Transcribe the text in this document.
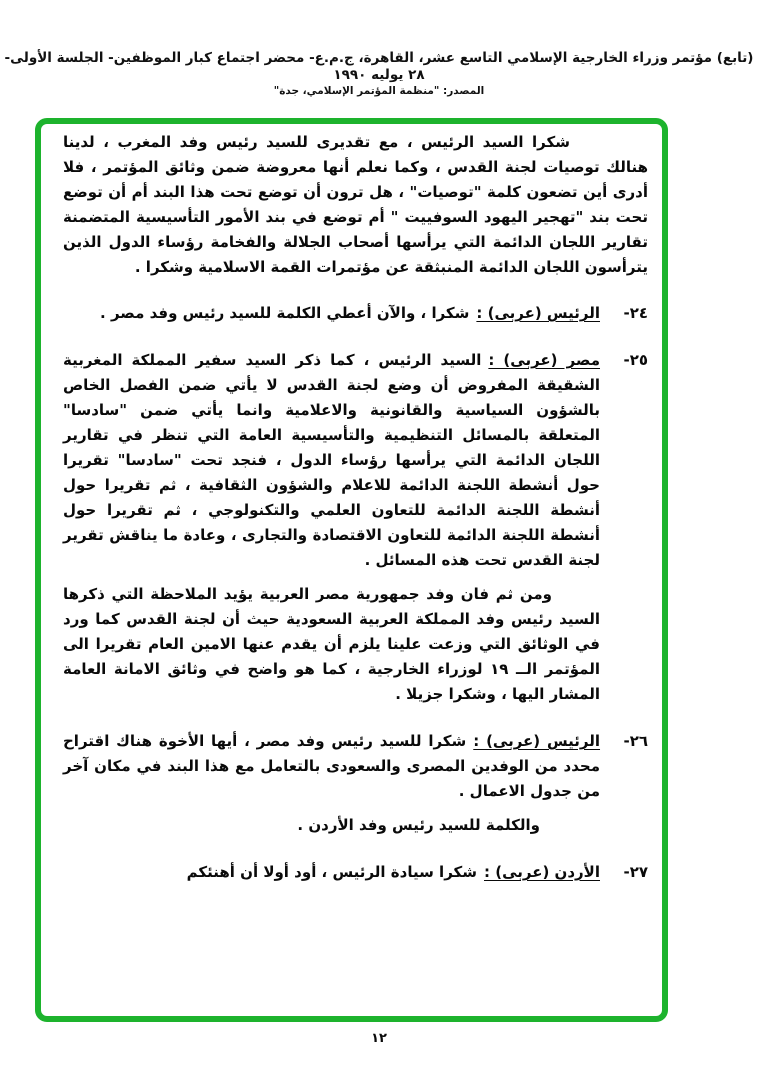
(تابع) مؤتمر وزراء الخارجية الإسلامي التاسع عشر، القاهرة، ج.م.ع- محضر اجتماع كبار الموظفين- الجلسة الأولى- ٢٨ يوليه ١٩٩٠
المصدر: "منظمة المؤتمر الإسلامي، جدة"

شكرا السيد الرئيس ، مع تقديرى للسيد رئيس وفد المغرب ، لدينا هنالك توصيات لجنة القدس ، وكما نعلم أنها معروضة ضمن وثائق المؤتمر ، فلا أدرى أين تضعون كلمة "توصيات" ، هل ترون أن توضع تحت هذا البند أم أن توضع تحت بند "تهجير اليهود السوفييت " أم توضع في بند الأمور التأسيسية المتضمنة تقارير اللجان الدائمة التي يرأسها أصحاب الجلالة والفخامة رؤساء الدول الذين يترأسون اللجان الدائمة المنبثقة عن مؤتمرات القمة الاسلامية وشكرا .

٢٤-

الرئيس (عربى) :شكرا ، والآن أعطي الكلمة للسيد رئيس وفد مصر .

٢٥-

مصر (عربى) :السيد الرئيس ، كما ذكر السيد سفير المملكة المغربية الشقيقة المفروض أن وضع لجنة القدس لا يأتي ضمن الفصل الخاص بالشؤون السياسية والقانونية والاعلامية وانما يأتي ضمن "سادسا" المتعلقة بالمسائل التنظيمية والتأسيسية العامة التي تنظر في تقارير اللجان الدائمة التي يرأسها رؤساء الدول ، فنجد تحت "سادسا" تقريرا حول أنشطة اللجنة الدائمة للاعلام والشؤون الثقافية ، ثم تقريرا حول أنشطة اللجنة الدائمة للتعاون العلمي والتكنولوجي ، ثم تقريرا حول أنشطة اللجنة الدائمة للتعاون الاقتصادة والتجارى ، وعادة ما يناقش تقرير لجنة القدس تحت هذه المسائل .

ومن ثم فان وفد جمهورية مصر العربية يؤيد الملاحظة التي ذكرها السيد رئيس وفد المملكة العربية السعودية حيث أن لجنة القدس كما ورد في الوثائق التي وزعت علينا يلزم أن يقدم عنها الامين العام تقريرا الى المؤتمر الــ ١٩ لوزراء الخارجية ، كما هو واضح في وثائق الامانة العامة المشار اليها ، وشكرا جزيلا .

٢٦-

الرئيس (عربى) :شكرا للسيد رئيس وفد مصر ، أيها الأخوة هناك اقتراح محدد من الوفدين المصرى والسعودى بالتعامل مع هذا البند في مكان آخر من جدول الاعمال .

والكلمة للسيد رئيس وفد الأردن .

٢٧-

الأردن (عربى) :شكرا سيادة الرئيس ، أود أولا أن أهنئكم

١٢
